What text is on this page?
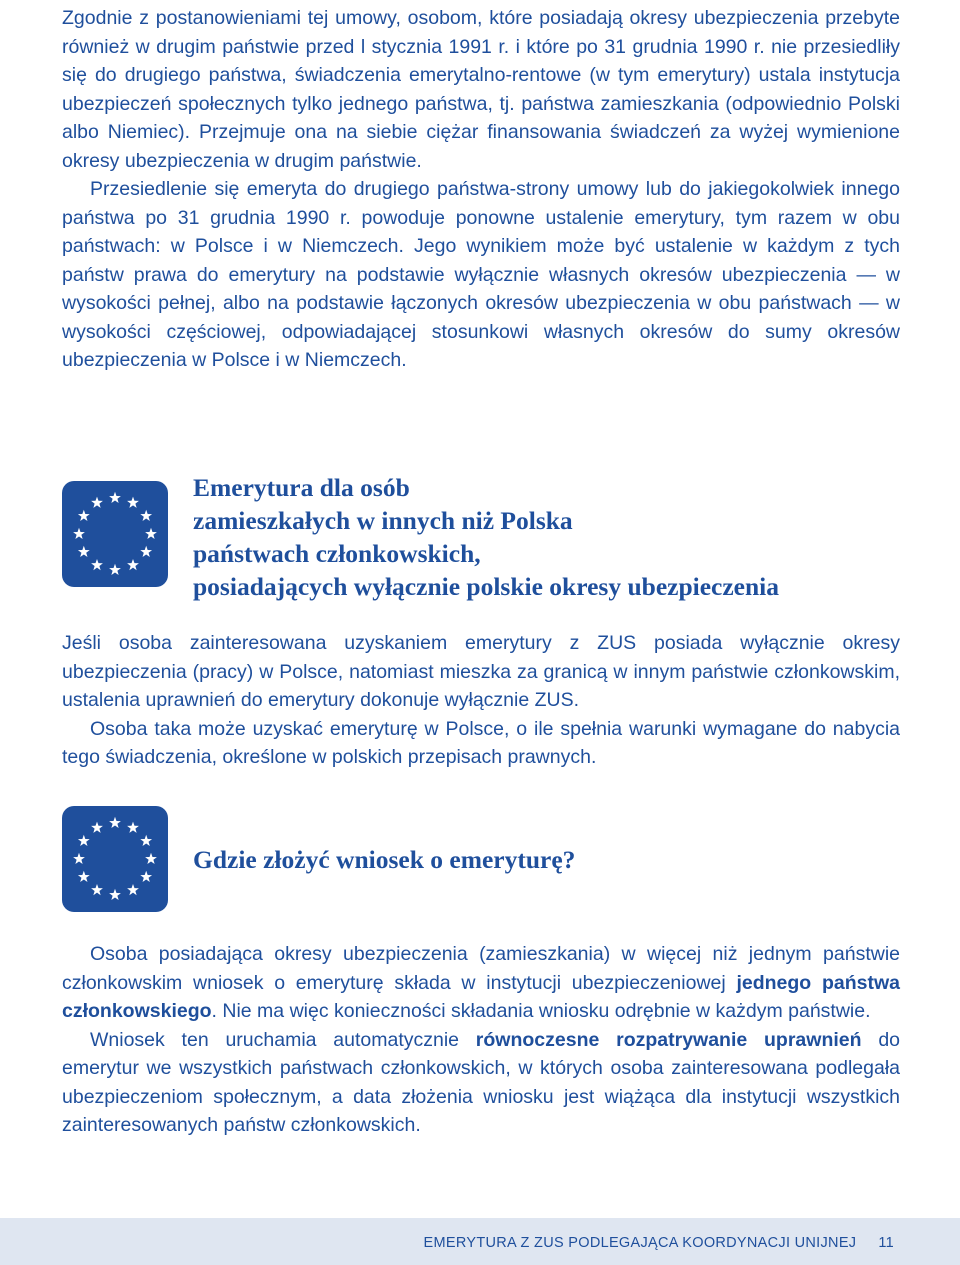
Zgodnie z postanowieniami tej umowy, osobom, które posiadają okresy ubezpieczenia przebyte również w drugim państwie przed l stycznia 1991 r. i które po 31 grudnia 1990 r. nie przesiedliły się do drugiego państwa, świadczenia emerytalno-rentowe (w tym emerytury) ustala instytucja ubezpieczeń społecznych tylko jednego państwa, tj. państwa zamieszkania (odpowiednio Polski albo Niemiec). Przejmuje ona na siebie ciężar finansowania świadczeń za wyżej wymienione okresy ubezpieczenia w drugim państwie.

Przesiedlenie się emeryta do drugiego państwa-strony umowy lub do jakiegokolwiek innego państwa po 31 grudnia 1990 r. powoduje ponowne ustalenie emerytury, tym razem w obu państwach: w Polsce i w Niemczech. Jego wynikiem może być ustalenie w każdym z tych państw prawa do emerytury na podstawie wyłącznie własnych okresów ubezpieczenia — w wysokości pełnej, albo na podstawie łączonych okresów ubezpieczenia w obu państwach — w wysokości częściowej, odpowiadającej stosunkowi własnych okresów do sumy okresów ubezpieczenia w Polsce i w Niemczech.

Emerytura dla osób
zamieszkałych w innych niż Polska
państwach członkowskich,
posiadających wyłącznie polskie okresy ubezpieczenia

Jeśli osoba zainteresowana uzyskaniem emerytury z ZUS posiada wyłącznie okresy ubezpieczenia (pracy) w Polsce, natomiast mieszka za granicą w innym państwie członkowskim, ustalenia uprawnień do emerytury dokonuje wyłącznie ZUS.

Osoba taka może uzyskać emeryturę w Polsce, o ile spełnia warunki wymagane do nabycia tego świadczenia, określone w polskich przepisach prawnych.

Gdzie złożyć wniosek o emeryturę?

Osoba posiadająca okresy ubezpieczenia (zamieszkania) w więcej niż jednym państwie członkowskim wniosek o emeryturę składa w instytucji ubezpieczeniowej jednego państwa członkowskiego. Nie ma więc konieczności składania wniosku odrębnie w każdym państwie.

Wniosek ten uruchamia automatycznie równoczesne rozpatrywanie uprawnień do emerytur we wszystkich państwach członkowskich, w których osoba zainteresowana podlegała ubezpieczeniom społecznym, a data złożenia wniosku jest wiążąca dla instytucji wszystkich zainteresowanych państw członkowskich.

EMERYTURA Z ZUS PODLEGAJĄCA KOORDYNACJI UNIJNEJ 11
